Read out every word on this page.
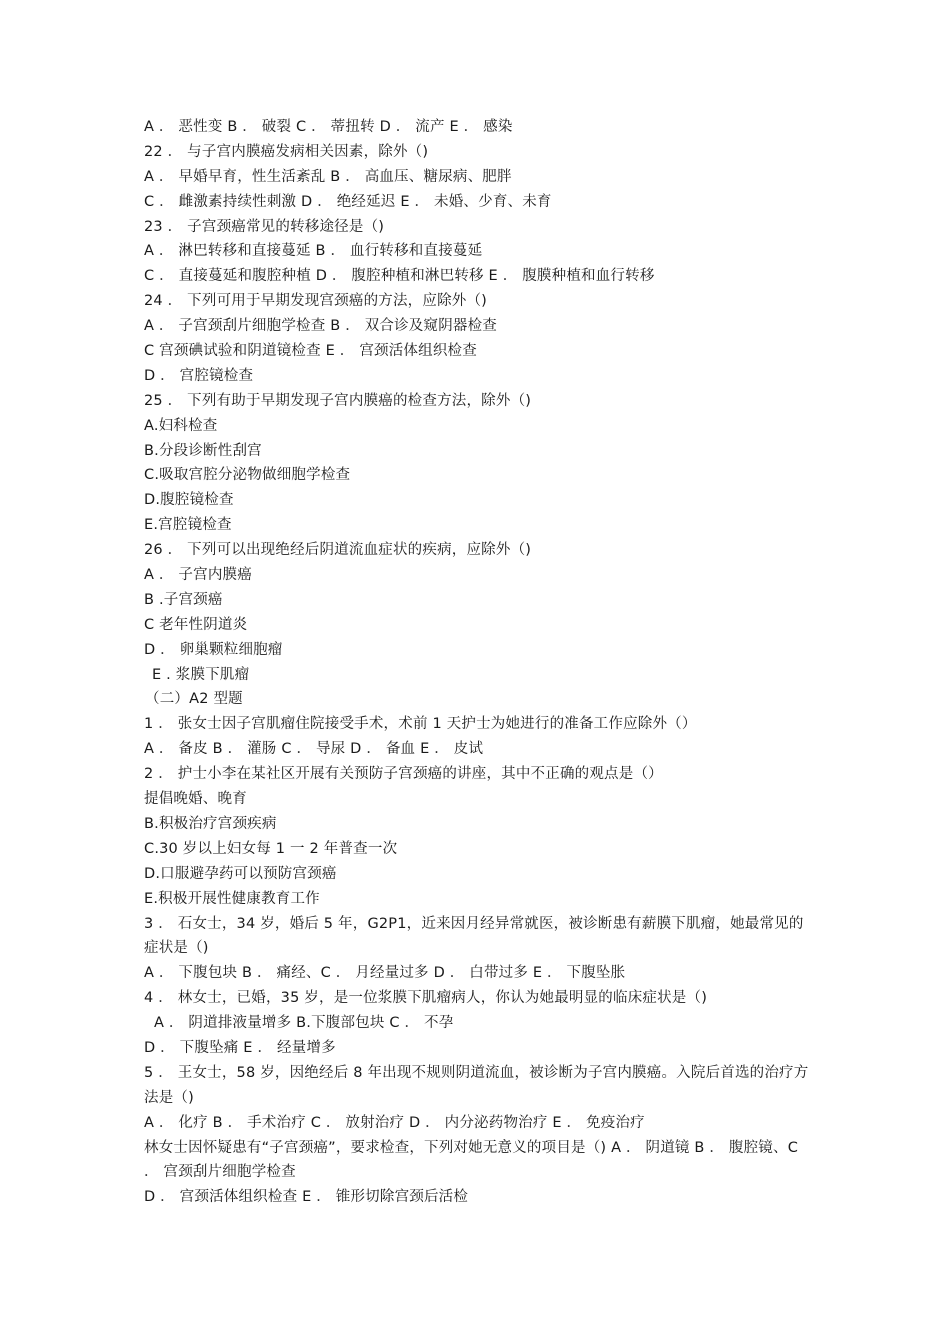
A ． 恶性变 B ． 破裂 C ． 蒂扭转 D ． 流产 E ． 感染
22 ． 与子宫内膜癌发病相关因素，除外（)
A ． 早婚早育，性生活紊乱 B ． 高血压、糖尿病、肥胖
C ． 雌激素持续性刺激 D ． 绝经延迟 E ． 未婚、少育、未育
23 ． 子宫颈癌常见的转移途径是（)
A ． 淋巴转移和直接蔓延 B ． 血行转移和直接蔓延
C ． 直接蔓延和腹腔种植 D ． 腹腔种植和淋巴转移 E ． 腹膜种植和血行转移
24 ． 下列可用于早期发现宫颈癌的方法，应除外（)
A ． 子宫颈刮片细胞学检查 B ． 双合诊及窥阴器检查
C 宫颈碘试验和阴道镜检查 E ． 宫颈活体组织检查
D ． 宫腔镜检查
25 ． 下列有助于早期发现子宫内膜癌的检查方法，除外（)
A.妇科检查
B.分段诊断性刮宫
C.吸取宫腔分泌物做细胞学检查
D.腹腔镜检查
E.宫腔镜检查
26 ． 下列可以出现绝经后阴道流血症状的疾病，应除外（)
A ． 子宫内膜癌
B .子宫颈癌
C 老年性阴道炎
D ． 卵巢颗粒细胞瘤
E . 浆膜下肌瘤
（二）A2 型题
1 ． 张女士因子宫肌瘤住院接受手术，术前 1 天护士为她进行的准备工作应除外（）
A ． 备皮 B ． 灌肠 C ． 导尿 D ． 备血 E ． 皮试
2 ． 护士小李在某社区开展有关预防子宫颈癌的讲座，其中不正确的观点是（）
提倡晚婚、晚育
B.积极治疗宫颈疾病
C.30 岁以上妇女每 1 一 2 年普查一次
D.口服避孕药可以预防宫颈癌
E.积极开展性健康教育工作
3 ． 石女士，34 岁，婚后 5 年，G2P1，近来因月经异常就医，被诊断患有薪膜下肌瘤，她最常见的症状是（)
A ． 下腹包块 B ． 痛经、C ． 月经量过多 D ． 白带过多 E ． 下腹坠胀
4 ． 林女士，已婚，35 岁，是一位浆膜下肌瘤病人，你认为她最明显的临床症状是（)
A ． 阴道排液量增多 B.下腹部包块 C ． 不孕
D ． 下腹坠痛 E ． 经量增多
5 ． 王女士，58 岁，因绝经后 8 年出现不规则阴道流血，被诊断为子宫内膜癌。入院后首选的治疗方法是（)
A ． 化疗 B ． 手术治疗 C ． 放射治疗 D ． 内分泌药物治疗 E ． 免疫治疗
林女士因怀疑患有“子宫颈癌”，要求检查，下列对她无意义的项目是（) A ． 阴道镜 B ． 腹腔镜、C ． 宫颈刮片细胞学检查
D ． 宫颈活体组织检查 E ． 锥形切除宫颈后活检
